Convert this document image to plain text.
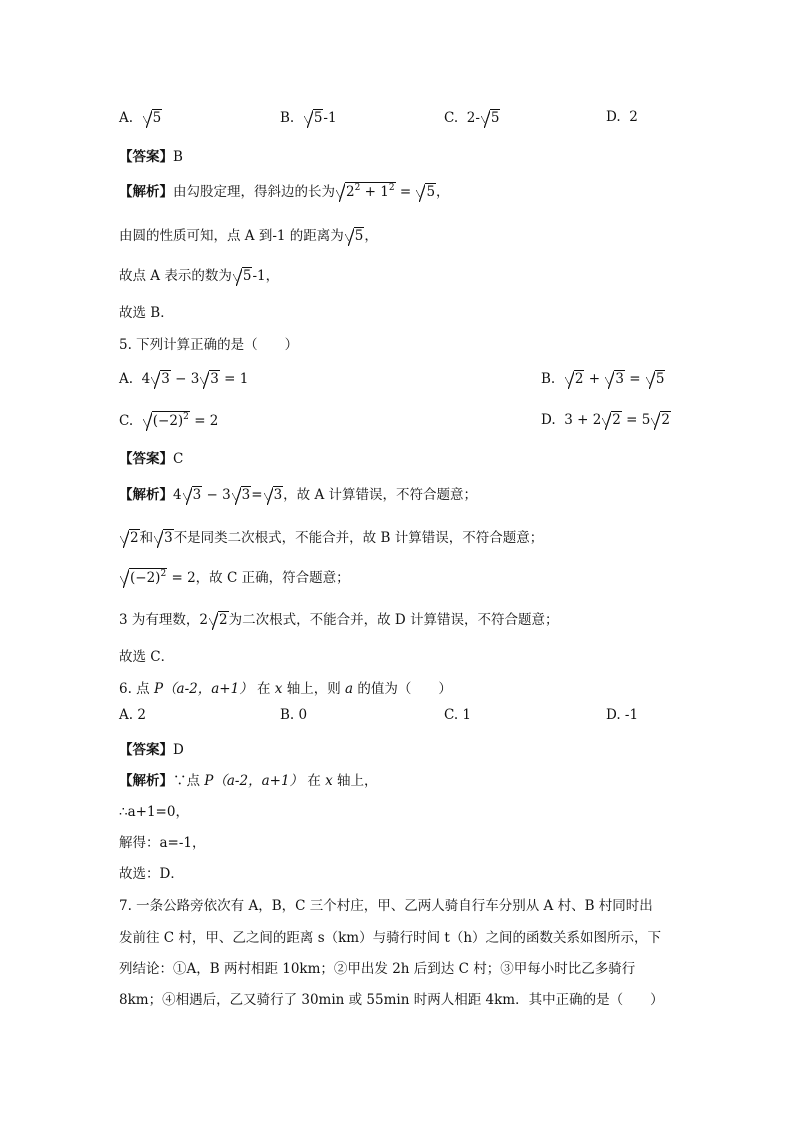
A. 5	B. 5-1	C. 2- 5	D. 2
【答案】B
【解析】由勾股定理，得斜边的长为 $2^2 + 1^2 = 5$，
由圆的性质可知，点 A 到-1 的距离为 5，
故点 A 表示的数为 5-1，
故选 B．
5. 下列计算正确的是（　　）
A.  4 3 − 3 3 = 1	B. 2 + 3 = 5
C. $(-2)^2 = 2$	D.  3 + 2 2 = 5 2
【答案】C
【解析】4 3 − 3 3= 3，故 A 计算错误，不符合题意；
2和 3不是同类二次根式，不能合并，故 B 计算错误，不符合题意；
$(-2)^2 = 2$，故 C 正确，符合题意；
3 为有理数，2 2为二次根式，不能合并，故 D 计算错误，不符合题意；
故选 C．
6. 点 P（a-2，a+1） 在 x 轴上，则 a 的值为（　　）
A. 2	B. 0	C. 1	D. -1
【答案】D
【解析】∵点 P（a-2，a+1） 在 x 轴上，
∴a+1=0，
解得：a=-1，
故选：D．
7. 一条公路旁依次有 A，B，C 三个村庄，甲、乙两人骑自行车分别从 A 村、B 村同时出
发前往 C 村，甲、乙之间的距离 s（km）与骑行时间 t（h）之间的函数关系如图所示，下
列结论：①A，B 两村相距 10km；②甲出发 2h 后到达 C 村；③甲每小时比乙多骑行
8km；④相遇后，乙又骑行了 30min 或 55min 时两人相距 4km．其中正确的是（　　）
